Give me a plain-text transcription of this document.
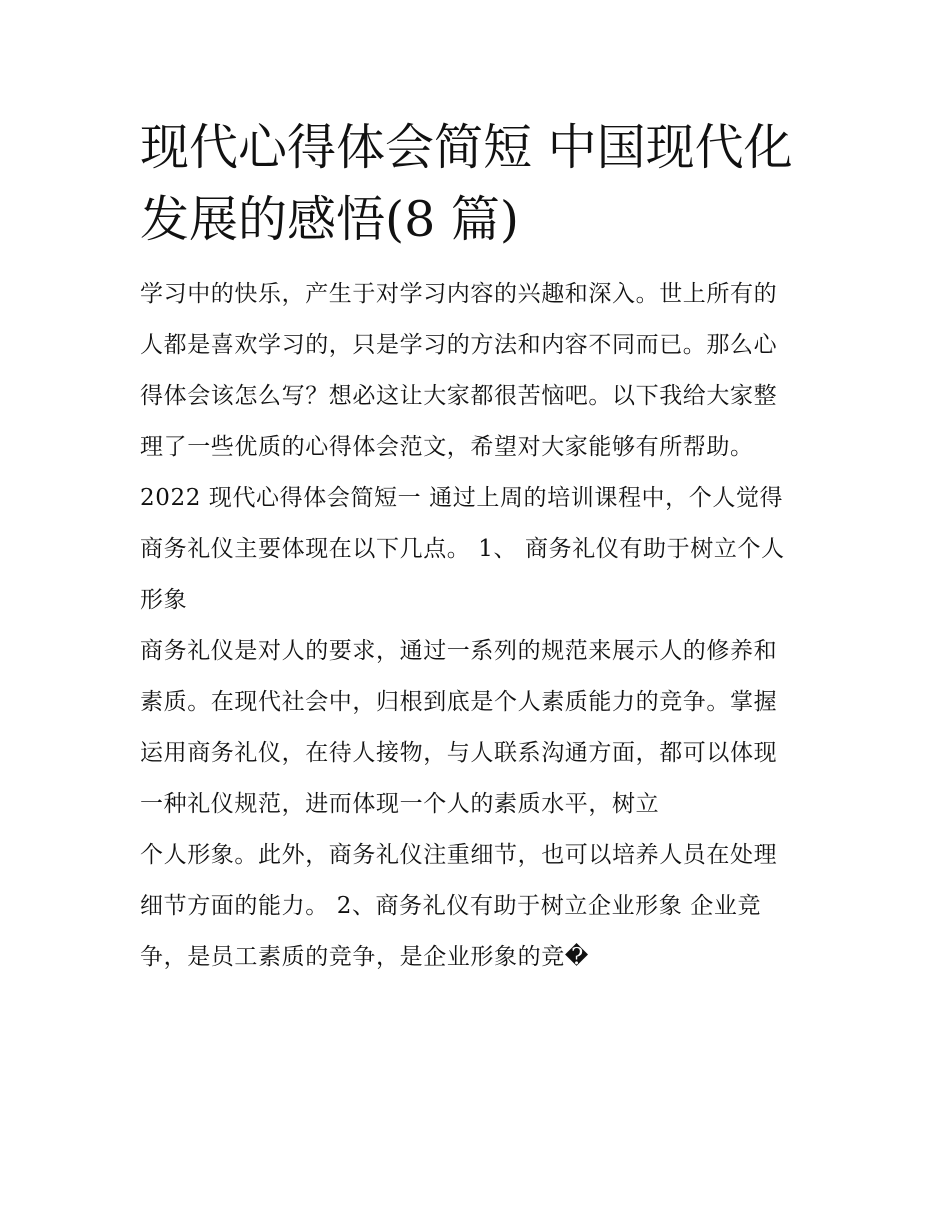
现代心得体会简短 中国现代化
发展的感悟(8 篇)

学习中的快乐，产生于对学习内容的兴趣和深入。世上所有的
人都是喜欢学习的，只是学习的方法和内容不同而已。那么心
得体会该怎么写？想必这让大家都很苦恼吧。以下我给大家整
理了一些优质的心得体会范文，希望对大家能够有所帮助。

2022 现代心得体会简短一 通过上周的培训课程中，个人觉得
商务礼仪主要体现在以下几点。 1、 商务礼仪有助于树立个人
形象

商务礼仪是对人的要求，通过一系列的规范来展示人的修养和
素质。在现代社会中，归根到底是个人素质能力的竞争。掌握
运用商务礼仪，在待人接物，与人联系沟通方面，都可以体现
一种礼仪规范，进而体现一个人的素质水平，树立

个人形象。此外，商务礼仪注重细节，也可以培养人员在处理
细节方面的能力。 2、商务礼仪有助于树立企业形象 企业竞
争，是员工素质的竞争，是企业形象的竞�
